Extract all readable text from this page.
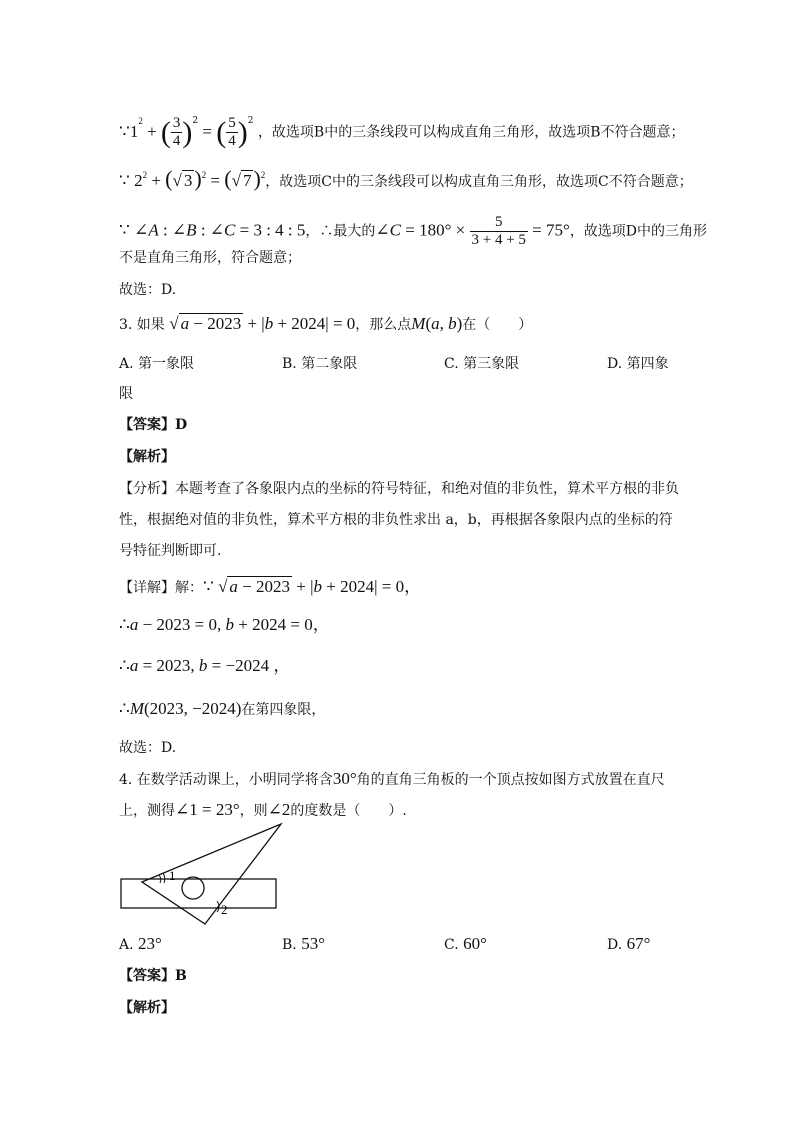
$\because 1^2$ + ( $\frac{3}{4} )^2$ = ( $\frac{5}{4} )^2$ ，故选项B中的三条线段可以构成直角三角形，故选项B不符合题意；
∵ $2^2$ + (√ 3)$^2$ = (√ 7)$^2$，故选项C中的三条线段可以构成直角三角形，故选项C不符合题意；
∵ ∠A : ∠B : ∠C = 3 : 4 : 5，∴最大的∠C = $180^\circ \times \frac{5}{3 + 4 + 5} = 75^\circ$，故选项D中的三角形
不是直角三角形，符合题意；
故选：D.
3. 如果 √ a − 2023 + |b + 2024| = 0，那么点M(a, b)在（　　）
A. 第一象限	B. 第二象限	C. 第三象限	D. 第四象
限
【答案】D
【解析】
【分析】本题考查了各象限内点的坐标的符号特征，和绝对值的非负性，算术平方根的非负
性，根据绝对值的非负性，算术平方根的非负性求出 a，b，再根据各象限内点的坐标的符
号特征判断即可.
【详解】解：∵ √ a − 2023 + |b + 2024| = 0，
∴a − 2023 = 0, b + 2024 = 0，
∴a = 2023, b = −2024 ，
∴M(2023, −2024)在第四象限，
故选：D.
4. 在数学活动课上，小明同学将含30°角的直角三角板的一个顶点按如图方式放置在直尺
上，测得∠1 = 23°，则∠2的度数是（　　）.
1
2
A. 23°	B. 53°	C. 60°	D. 67°
【答案】B
【解析】
